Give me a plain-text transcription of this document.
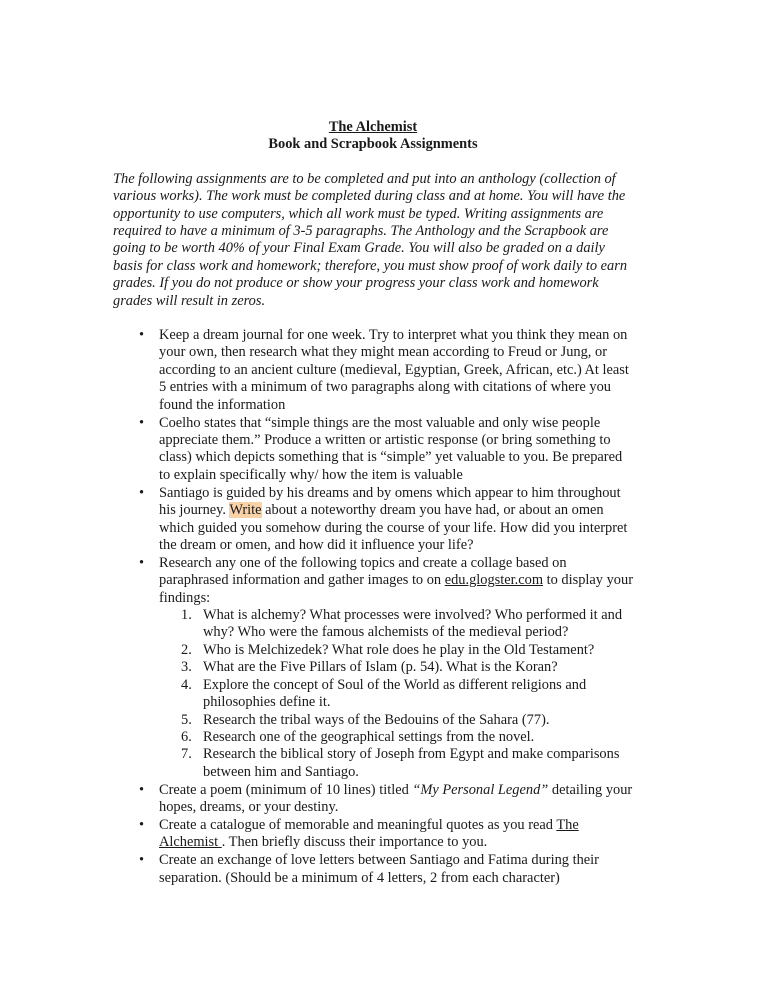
The Alchemist

Book and Scrapbook Assignments

The following assignments are to be completed and put into an anthology (collection of various works). The work must be completed during class and at home. You will have the opportunity to use computers, which all work must be typed. Writing assignments are required to have a minimum of 3-5 paragraphs. The Anthology and the Scrapbook are going to be worth 40% of your Final Exam Grade. You will also be graded on a daily basis for class work and homework; therefore, you must show proof of work daily to earn grades. If you do not produce or show your progress your class work and homework grades will result in zeros.

• Keep a dream journal for one week. Try to interpret what you think they mean on your own, then research what they might mean according to Freud or Jung, or according to an ancient culture (medieval, Egyptian, Greek, African, etc.) At least 5 entries with a minimum of two paragraphs along with citations of where you found the information
• Coelho states that “simple things are the most valuable and only wise people appreciate them.” Produce a written or artistic response (or bring something to class) which depicts something that is “simple” yet valuable to you. Be prepared to explain specifically why/ how the item is valuable
• Santiago is guided by his dreams and by omens which appear to him throughout his journey. Write about a noteworthy dream you have had, or about an omen which guided you somehow during the course of your life. How did you interpret the dream or omen, and how did it influence your life?
• Research any one of the following topics and create a collage based on paraphrased information and gather images to on edu.glogster.com to display your findings:
1. What is alchemy? What processes were involved? Who performed it and why? Who were the famous alchemists of the medieval period?
2. Who is Melchizedek? What role does he play in the Old Testament?
3. What are the Five Pillars of Islam (p. 54). What is the Koran?
4. Explore the concept of Soul of the World as different religions and philosophies define it.
5. Research the tribal ways of the Bedouins of the Sahara (77).
6. Research one of the geographical settings from the novel.
7. Research the biblical story of Joseph from Egypt and make comparisons between him and Santiago.
• Create a poem (minimum of 10 lines) titled “My Personal Legend” detailing your hopes, dreams, or your destiny.
• Create a catalogue of memorable and meaningful quotes as you read The Alchemist . Then briefly discuss their importance to you.
• Create an exchange of love letters between Santiago and Fatima during their separation. (Should be a minimum of 4 letters, 2 from each character)
